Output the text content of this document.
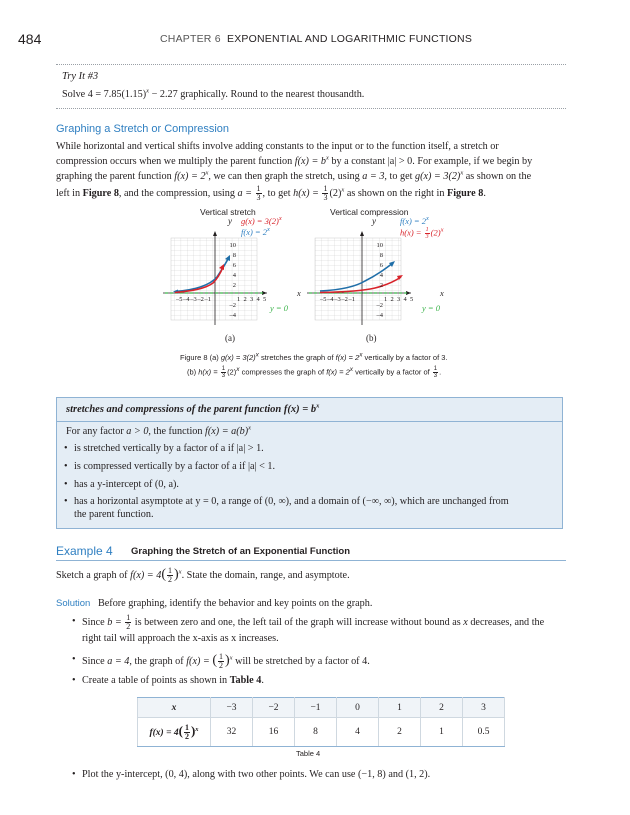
484	CHAPTER 6 EXPONENTIAL AND LOGARITHMIC FUNCTIONS
Try It #3
Solve $4 = 7.85(1.15)^x - 2.27$ graphically. Round to the nearest thousandth.
Graphing a Stretch or Compression
While horizontal and vertical shifts involve adding constants to the input or to the function itself, a stretch or
compression occurs when we multiply the parent function $f(x) = b^x$ by a constant |a| > 0. For example, if we begin by
graphing the parent function $f(x) = 2^x$, we can then graph the stretch, using a = 3, to get $g(x) = 3(2)^x$ as shown on the
left in Figure 8, and the compression, using $a = \frac{1}{3}$ , to get $h(x) = \frac{1}{3} (2)^x$ as shown on the right in Figure 8.
Vertical stretch	Vertical compression
y	y
$g(x) = 3(2)^x$
$f(x) = 2^x$
$f(x) = 2^x$
$h(x) = \frac{1}{3} (2)^x$
10
8
6
4
2
–2
–4
10
8
6
4
2
–2
–4
–5 –4 –3 –2 –1	1  2  3  4  5	–5 –4 –3 –2 –1	1  2  3  4  5
x	x
y = 0	y = 0
(a)	(b)
Figure 8 (a) $g(x) = 3(2)^x$ stretches the graph of $f(x) = 2^x$ vertically by a factor of 3.
(b) $h(x) = \frac{1}{3} (2)^x$ compresses the graph of $f(x) = 2^x$ vertically by a factor of $\frac{1}{3}$ .
stretches and compressions of the parent function $f(x) = b^x$
For any factor a > 0, the function $f(x) = a(b)^x$
• is stretched vertically by a factor of a if |a| > 1.
• is compressed vertically by a factor of a if |a| < 1.
• has a y-intercept of (0, a).
• has a horizontal asymptote at y = 0, a range of (0, ∞), and a domain of (−∞, ∞), which are unchanged from
the parent function.
Example 4 Graphing the Stretch of an Exponential Function
Sketch a graph of $f(x) = 4( \frac{1}{2} )^x$. State the domain, range, and asymptote.
Solution Before graphing, identify the behavior and key points on the graph.
• Since $b = \frac{1}{2}$ is between zero and one, the left tail of the graph will increase without bound as x decreases, and the
right tail will approach the x-axis as x increases.
• Since a = 4, the graph of f(x) = ( $\frac{1}{2} )^x$ will be stretched by a factor of 4.
• Create a table of points as shown in Table 4.
x	−3	−2	−1	0	1	2	3
$f(x) = 4( \frac{1}{2} )^x$	32	16	8	4	2	1	0.5
Table 4
• Plot the y-intercept, (0, 4), along with two other points. We can use (−1, 8) and (1, 2).
